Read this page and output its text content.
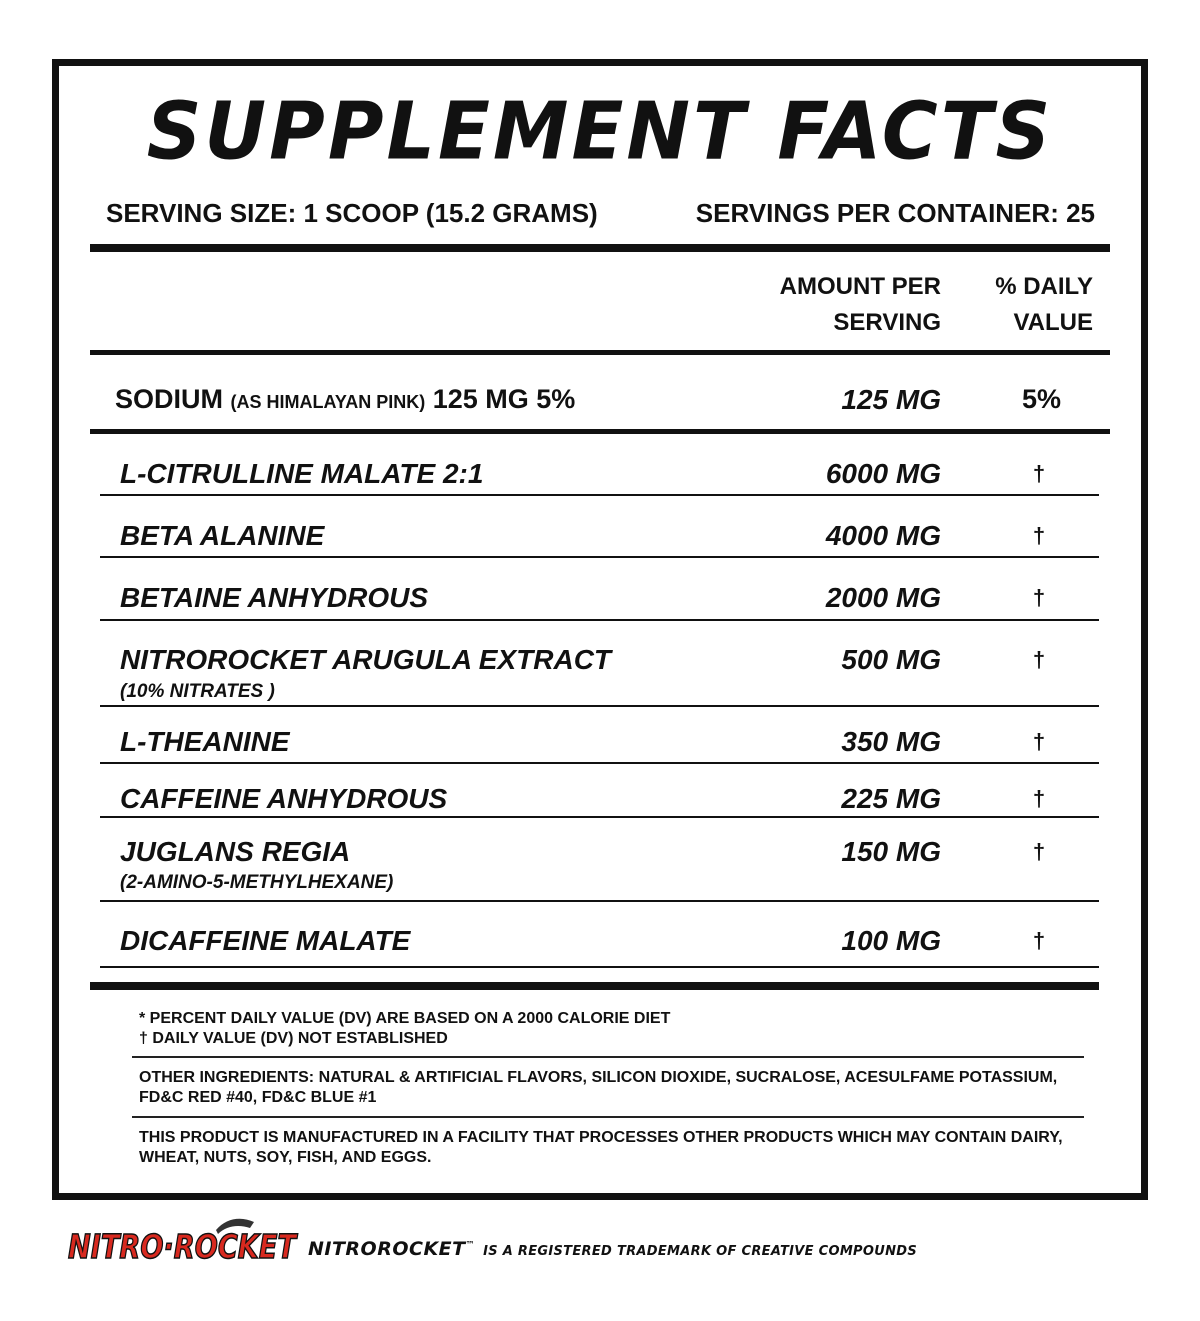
SUPPLEMENT FACTS
SERVING SIZE: 1 SCOOP (15.2 GRAMS)	SERVINGS PER CONTAINER: 25
AMOUNT PER
SERVING
% DAILY
VALUE
SODIUM (AS HIMALAYAN PINK) 125 MG 5%	125 MG	5%
L-CITRULLINE MALATE 2:1	6000 MG	†
BETA ALANINE	4000 MG	†
BETAINE ANHYDROUS	2000 MG	†
NITROROCKET ARUGULA EXTRACT
(10% NITRATES )
500 MG	†
L-THEANINE	350 MG	†
CAFFEINE ANHYDROUS	225 MG	†
JUGLANS REGIA
(2-AMINO-5-METHYLHEXANE)
150 MG	†
DICAFFEINE MALATE	100 MG	†
* PERCENT DAILY VALUE (DV) ARE BASED ON A 2000 CALORIE DIET
† DAILY VALUE (DV) NOT ESTABLISHED
OTHER INGREDIENTS: NATURAL & ARTIFICIAL FLAVORS, SILICON DIOXIDE, SUCRALOSE, ACESULFAME POTASSIUM, FD&C RED #40, FD&C BLUE #1
THIS PRODUCT IS MANUFACTURED IN A FACILITY THAT PROCESSES OTHER PRODUCTS WHICH MAY CONTAIN DAIRY, WHEAT, NUTS, SOY, FISH, AND EGGS.
NITRO·ROCKET NITROROCKET™ IS A REGISTERED TRADEMARK OF CREATIVE COMPOUNDS
